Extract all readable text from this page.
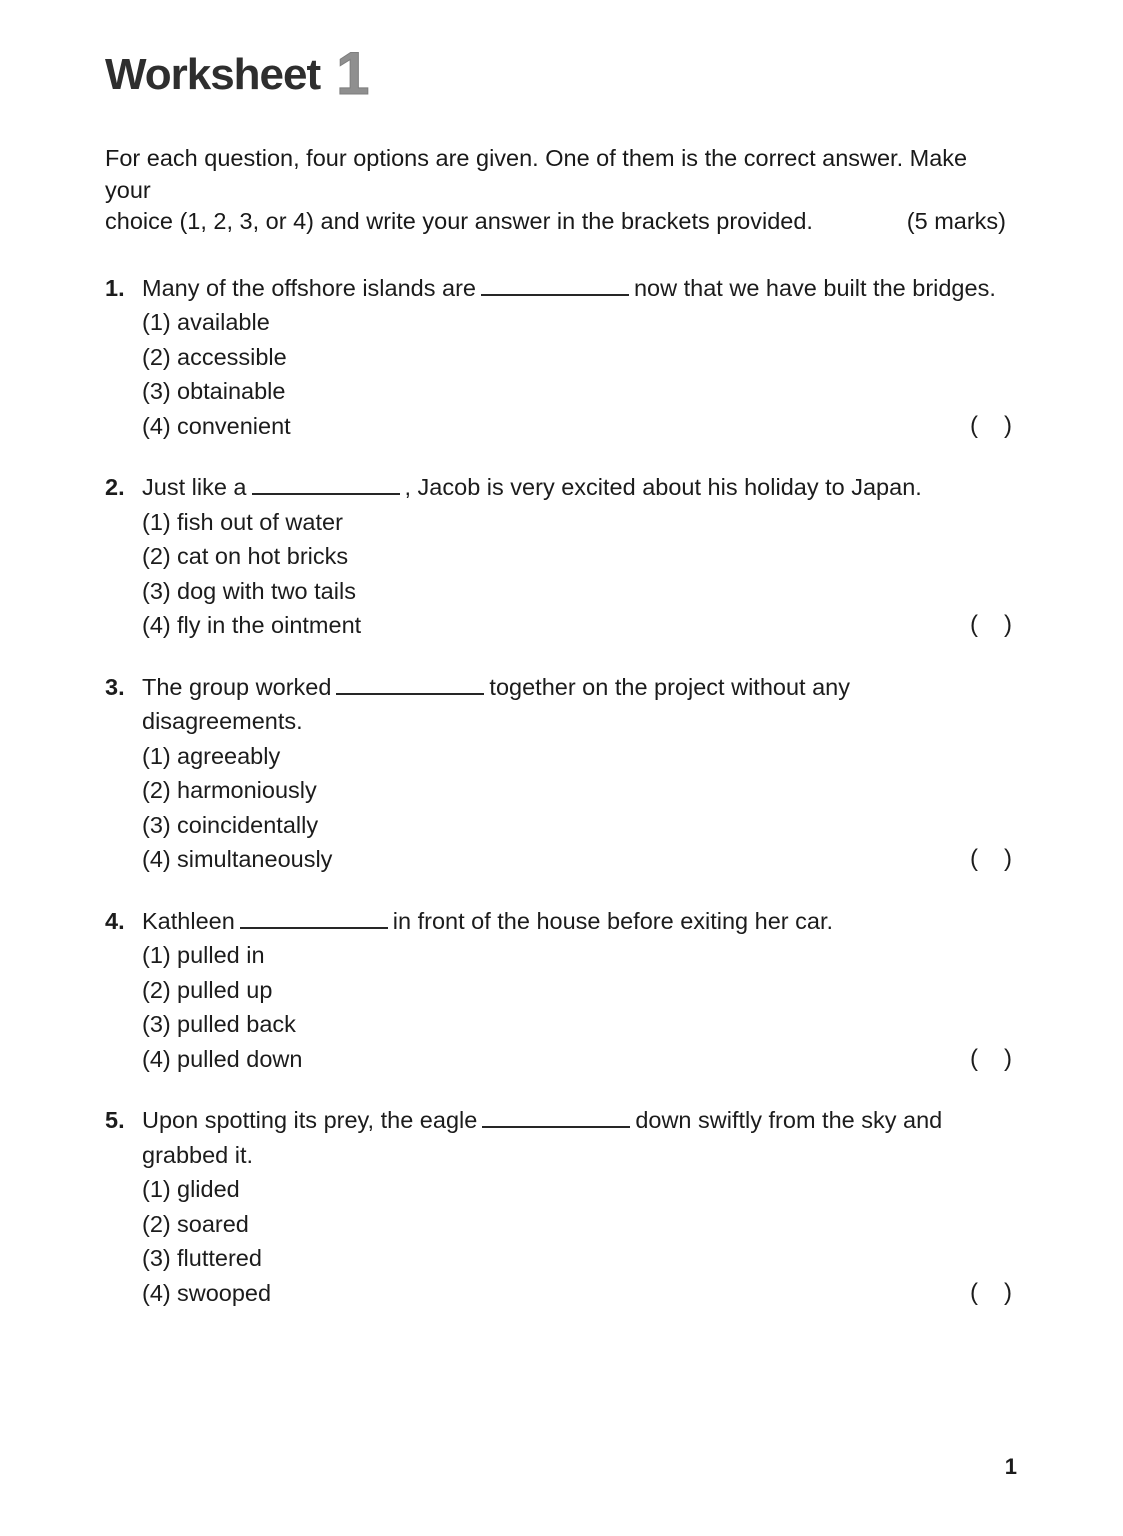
Worksheet 1
For each question, four options are given. One of them is the correct answer. Make your
choice (1, 2, 3, or 4) and write your answer in the brackets provided.	(5 marks)
1. Many of the offshore islands are	now that we have built the bridges.
(1) available
(2) accessible
(3) obtainable
(4) convenient	( )
2. Just like a	, Jacob is very excited about his holiday to Japan.
(1) fish out of water
(2) cat on hot bricks
(3) dog with two tails
(4) fly in the ointment	( )
3. The group worked	together on the project without any disagreements.
(1) agreeably
(2) harmoniously
(3) coincidentally
(4) simultaneously	( )
4. Kathleen	in front of the house before exiting her car.
(1) pulled in
(2) pulled up
(3) pulled back
(4) pulled down	( )
5. Upon spotting its prey, the eagle	down swiftly from the sky and grabbed it.
(1) glided
(2) soared
(3) fluttered
(4) swooped	( )
1
